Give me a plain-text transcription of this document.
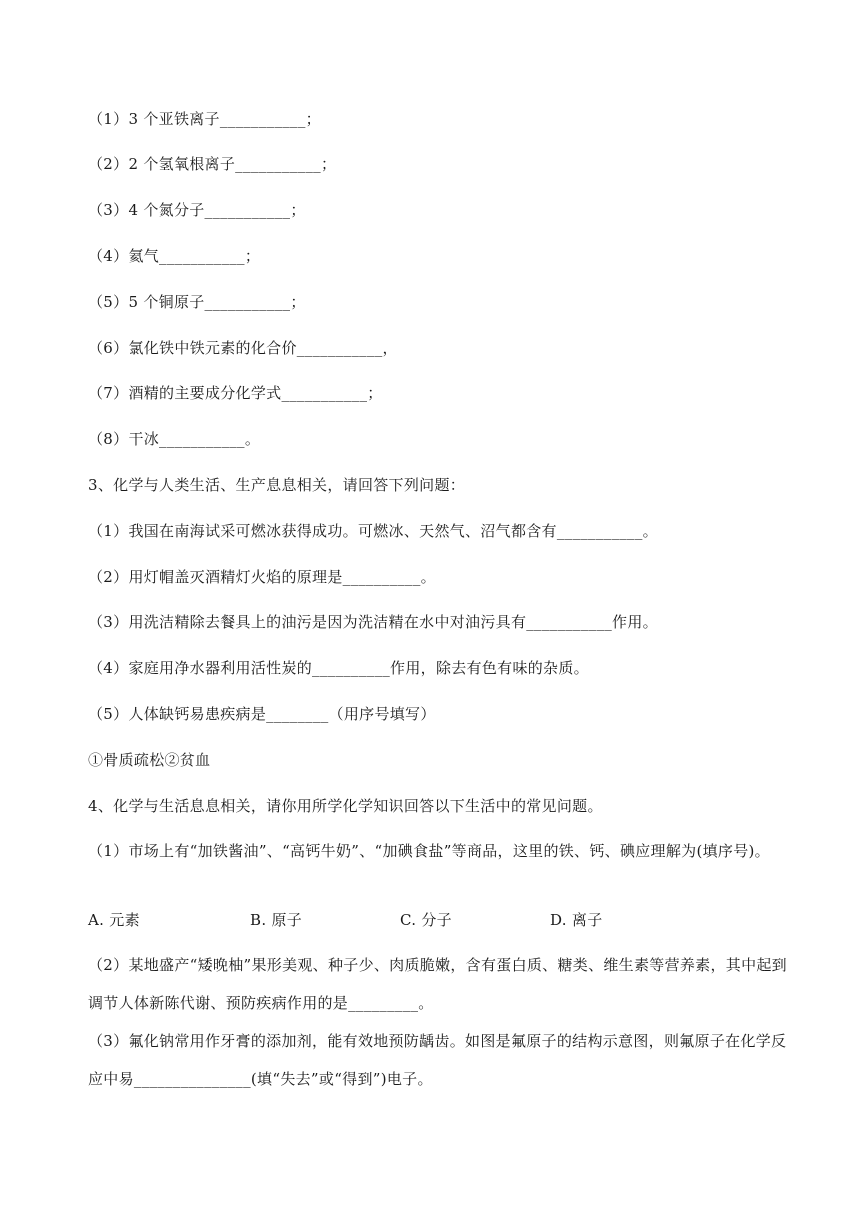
（1）3 个亚铁离子___________；
（2）2 个氢氧根离子___________；
（3）4 个氮分子___________；
（4）氦气___________；
（5）5 个铜原子___________；
（6）氯化铁中铁元素的化合价___________，
（7）酒精的主要成分化学式___________；
（8）干冰___________。
3、化学与人类生活、生产息息相关，请回答下列问题：
（1）我国在南海试采可燃冰获得成功。可燃冰、天然气、沼气都含有___________。
（2）用灯帽盖灭酒精灯火焰的原理是__________。
（3）用洗洁精除去餐具上的油污是因为洗洁精在水中对油污具有___________作用。
（4）家庭用净水器利用活性炭的__________作用，除去有色有味的杂质。
（5）人体缺钙易患疾病是________（用序号填写）
①骨质疏松②贫血
4、化学与生活息息相关，请你用所学化学知识回答以下生活中的常见问题。
（1）市场上有“加铁酱油”、“高钙牛奶”、“加碘食盐”等商品，这里的铁、钙、碘应理解为(填序号)。
A. 元素	B. 原子	C. 分子	D. 离子
（2）某地盛产“矮晚柚”果形美观、种子少、肉质脆嫩，含有蛋白质、糖类、维生素等营养素，其中起到调节人体新陈代谢、预防疾病作用的是_________。
（3）氟化钠常用作牙膏的添加剂，能有效地预防龋齿。如图是氟原子的结构示意图，则氟原子在化学反应中易_______________(填“失去”或“得到”)电子。
